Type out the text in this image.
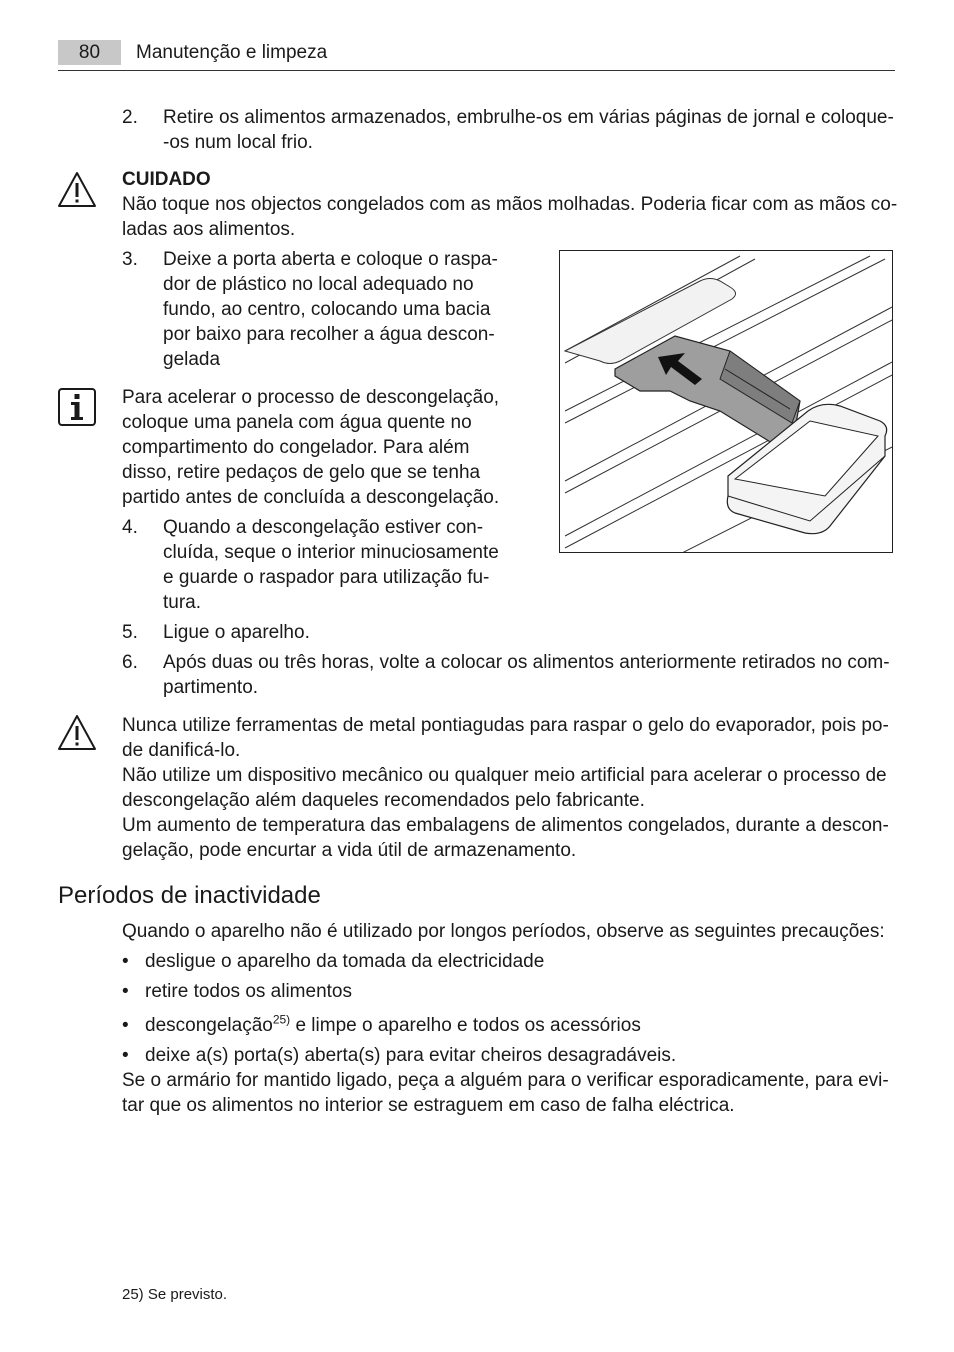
80	Manutenção e limpeza
2.	Retire os alimentos armazenados, embrulhe-os em várias páginas de jornal e coloque-
-os num local frio.
CUIDADO
Não toque nos objectos congelados com as mãos molhadas. Poderia ficar com as mãos co-
ladas aos alimentos.
3.	Deixe a porta aberta e coloque o raspa-
dor de plástico no local adequado no
fundo, ao centro, colocando uma bacia
por baixo para recolher a água descon-
gelada
Para acelerar o processo de descongelação,
coloque uma panela com água quente no
compartimento do congelador. Para além
disso, retire pedaços de gelo que se tenha
partido antes de concluída a descongelação.
4.	Quando a descongelação estiver con-
cluída, seque o interior minuciosamente
e guarde o raspador para utilização fu-
tura.
5.	Ligue o aparelho.
6.	Após duas ou três horas, volte a colocar os alimentos anteriormente retirados no com-
partimento.
Nunca utilize ferramentas de metal pontiagudas para raspar o gelo do evaporador, pois po-
de danificá-lo.
Não utilize um dispositivo mecânico ou qualquer meio artificial para acelerar o processo de
descongelação além daqueles recomendados pelo fabricante.
Um aumento de temperatura das embalagens de alimentos congelados, durante a descon-
gelação, pode encurtar a vida útil de armazenamento.
Períodos de inactividade
Quando o aparelho não é utilizado por longos períodos, observe as seguintes precauções:
• desligue o aparelho da tomada da electricidade
• retire todos os alimentos
• descongelação$^{25)}$ e limpe o aparelho e todos os acessórios
• deixe a(s) porta(s) aberta(s) para evitar cheiros desagradáveis.
Se o armário for mantido ligado, peça a alguém para o verificar esporadicamente, para evi-
tar que os alimentos no interior se estraguem em caso de falha eléctrica.
25) Se previsto.
